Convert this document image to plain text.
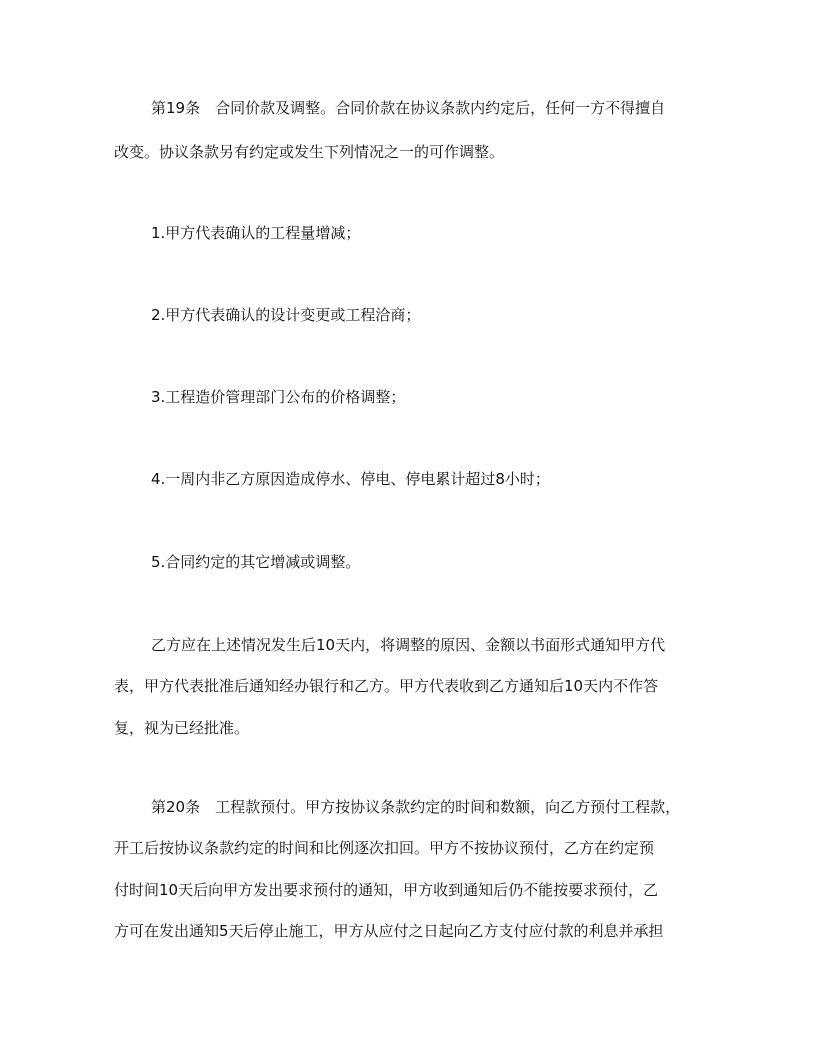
第19条　合同价款及调整。合同价款在协议条款内约定后，任何一方不得擅自
改变。协议条款另有约定或发生下列情况之一的可作调整。
1.甲方代表确认的工程量增减；
2.甲方代表确认的设计变更或工程洽商；
3.工程造价管理部门公布的价格调整；
4.一周内非乙方原因造成停水、停电、停电累计超过8小时；
5.合同约定的其它增减或调整。
乙方应在上述情况发生后10天内，将调整的原因、金额以书面形式通知甲方代
表，甲方代表批准后通知经办银行和乙方。甲方代表收到乙方通知后10天内不作答
复，视为已经批准。
第20条　工程款预付。甲方按协议条款约定的时间和数额，向乙方预付工程款，
开工后按协议条款约定的时间和比例逐次扣回。甲方不按协议预付，乙方在约定预
付时间10天后向甲方发出要求预付的通知，甲方收到通知后仍不能按要求预付，乙
方可在发出通知5天后停止施工，甲方从应付之日起向乙方支付应付款的利息并承担
